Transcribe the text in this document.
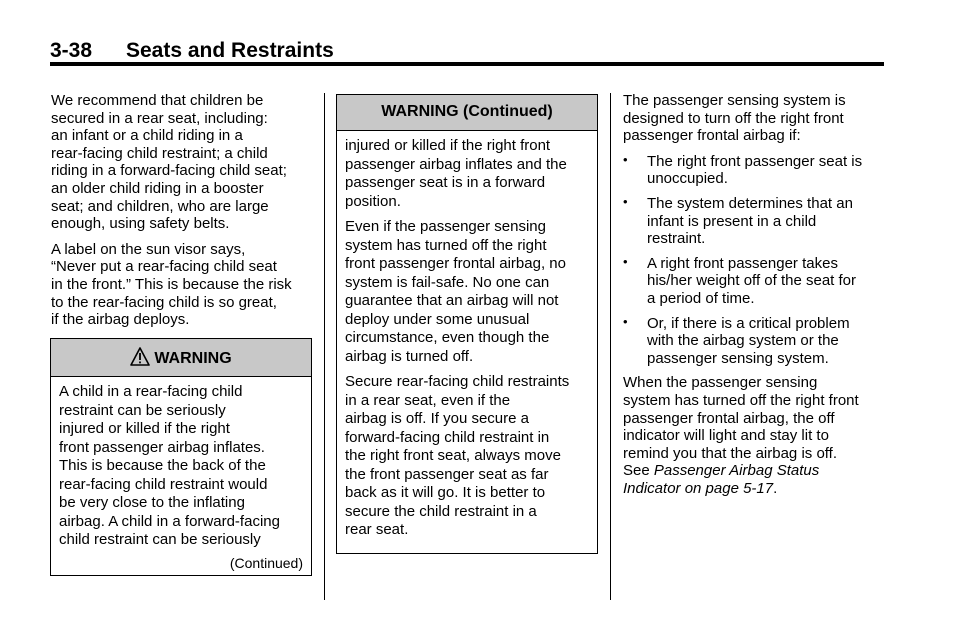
3-38 Seats and Restraints

We recommend that children be
secured in a rear seat, including:
an infant or a child riding in a
rear-facing child restraint; a child
riding in a forward-facing child seat;
an older child riding in a booster
seat; and children, who are large
enough, using safety belts.

A label on the sun visor says,
“Never put a rear-facing child seat
in the front.” This is because the risk
to the rear-facing child is so great,
if the airbag deploys.

WARNING

A child in a rear-facing child
restraint can be seriously
injured or killed if the right
front passenger airbag inflates.
This is because the back of the
rear-facing child restraint would
be very close to the inflating
airbag. A child in a forward-facing
child restraint can be seriously

(Continued)
WARNING (Continued)

injured or killed if the right front
passenger airbag inflates and the
passenger seat is in a forward
position.

Even if the passenger sensing
system has turned off the right
front passenger frontal airbag, no
system is fail-safe. No one can
guarantee that an airbag will not
deploy under some unusual
circumstance, even though the
airbag is turned off.

Secure rear-facing child restraints
in a rear seat, even if the
airbag is off. If you secure a
forward-facing child restraint in
the right front seat, always move
the front passenger seat as far
back as it will go. It is better to
secure the child restraint in a
rear seat.

The passenger sensing system is
designed to turn off the right front
passenger frontal airbag if:

• The right front passenger seat is
unoccupied.
• The system determines that an
infant is present in a child
restraint.
• A right front passenger takes
his/her weight off of the seat for
a period of time.
• Or, if there is a critical problem
with the airbag system or the
passenger sensing system.

When the passenger sensing
system has turned off the right front
passenger frontal airbag, the off
indicator will light and stay lit to
remind you that the airbag is off.
See Passenger Airbag Status
Indicator on page 5-17.
